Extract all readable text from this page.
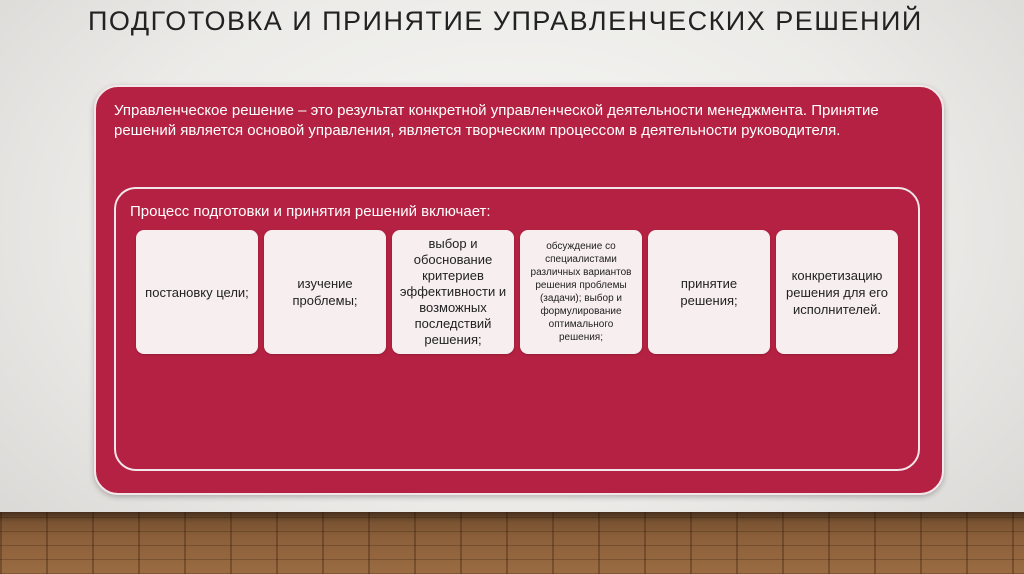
ПОДГОТОВКА И ПРИНЯТИЕ УПРАВЛЕНЧЕСКИХ РЕШЕНИЙ
Управленческое решение – это результат конкретной управленческой деятельности менеджмента. Принятие решений является основой управления, является творческим процессом в деятельности руководителя.
Процесс подготовки и принятия решений включает:
постановку цели;
изучение проблемы;
выбор и обоснование критериев эффективности и возможных последствий решения;
обсуждение со специалистами различных вариантов решения проблемы (задачи); выбор и формулирование оптимального решения;
принятие решения;
конкретизацию решения для его исполнителей.
